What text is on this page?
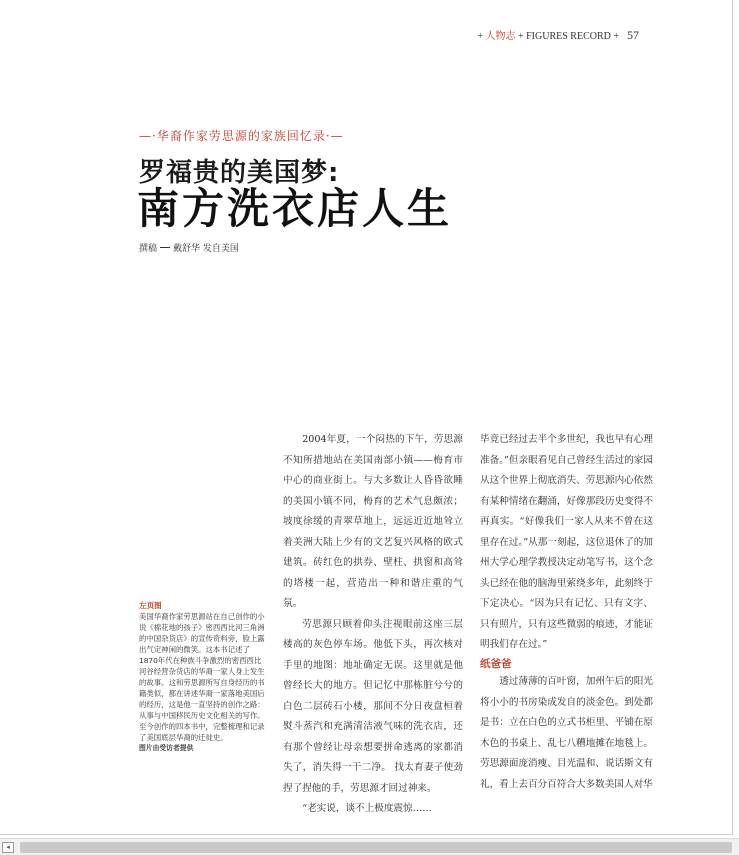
+ 人物志 + FIGURES RECORD + 57
—·华裔作家劳思源的家族回忆录·—
罗福贵的美国梦:
南方洗衣店人生
撰稿 戴舒华 发自美国
左页图
美国华裔作家劳思源站在自己创作的小说《棉花地的孩子》密西西比河三角洲的中国杂货店》的宣传资料旁，脸上露出气定神闲的微笑。这本书记述了1870年代在种族斗争激烈的密西西比河谷经营杂货店的华裔一家人身上发生的故事。这和劳思源所写自身经历的书籍类似，都在讲述华裔一家落地美国后的经历，这是他一直坚持的创作之路：从事与中国移民历史文化相关的写作。至今创作的四本书中，完整梳理和记录了美国底层华裔的迁徙史。
图片由受访者提供

2004年夏，一个闷热的下午，劳思源不知所措地站在美国南部小镇——梅育市中心的商业街上。与大多数让人昏昏欲睡的美国小镇不同，梅育的艺术气息颇浓；坡度徐缓的青翠草地上，远远近近地耸立着美洲大陆上少有的文艺复兴风格的欧式建筑。砖红色的拱券、壁柱、拱窗和高耸的塔楼一起，营造出一种和谐庄重的气氛。

劳思源只顾着仰头注视眼前这座三层楼高的灰色停车场。他低下头，再次核对手里的地图：地址确定无误。这里就是他曾经长大的地方。但记忆中那栋脏兮兮的白色二层砖石小楼，那间不分日夜盘桓着熨斗蒸汽和充满清洁液气味的洗衣店，还有那个曾经让母亲想要拼命逃离的家都消失了，消失得一干二净。 找太育妻子使劲捏了捏他的手，劳思源才回过神来。

“老实说，谈不上极度震惊……

毕竟已经过去半个多世纪，我也早有心理准备。”但亲眼看见自己曾经生活过的家园从这个世界上彻底消失、劳思源内心依然有某种情绪在翻涌，好像那段历史变得不再真实。“好像我们一家人从来不曾在这里存在过。”从那一刻起，这位退休了的加州大学心理学教授决定动笔写书，这个念头已经在他的脑海里萦绕多年，此刻终于下定决心。“因为只有记忆、只有文字、只有照片，只有这些微弱的痕迹，才能证明我们存在过。”

纸爸爸

透过薄薄的百叶窗，加州午后的阳光将小小的书房染成发自的淡金色。到处都是书：立在白色的立式书柜里、平铺在原木色的书桌上、乱七八糟地摊在地毯上。劳思源面庞消瘦、目光温和、说话斯文有礼，看上去百分百符合大多数美国人对华

◂
